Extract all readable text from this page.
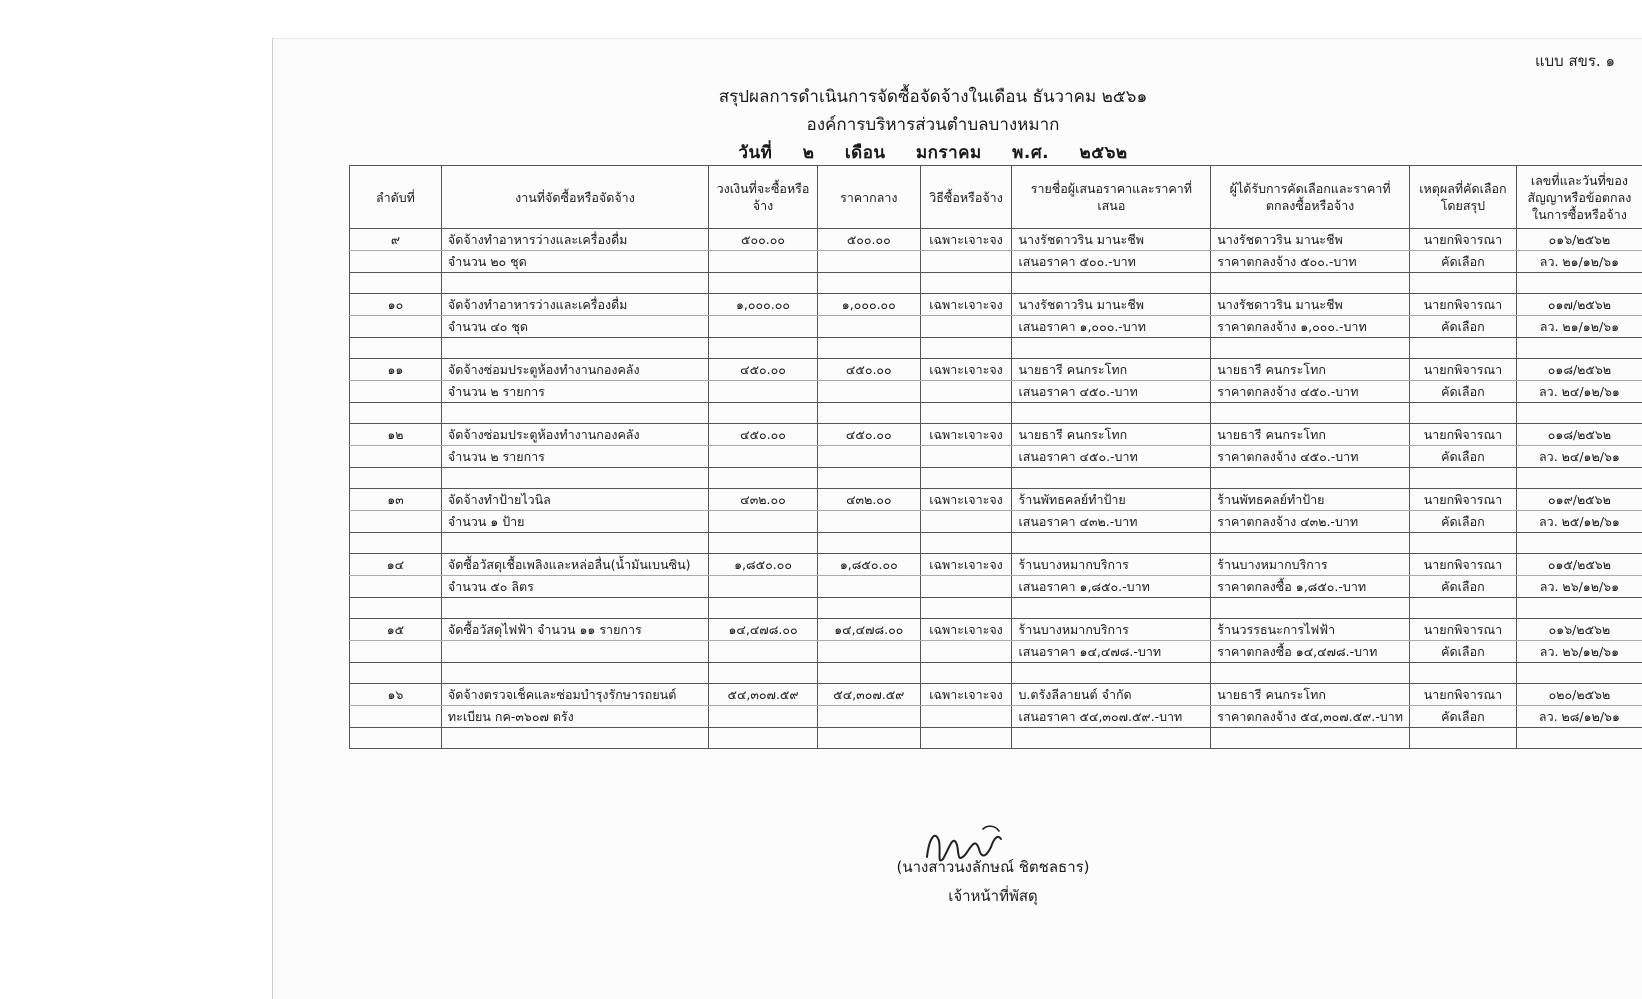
แบบ สขร. ๑
สรุปผลการดำเนินการจัดซื้อจัดจ้างในเดือน ธันวาคม ๒๕๖๑
องค์การบริหารส่วนตำบลบางหมาก
วันที่ ๒ เดือน มกราคม พ.ศ. ๒๕๖๒
ลำดับที่	งานที่จัดซื้อหรือจัดจ้าง	วงเงินที่จะซื้อหรือจ้าง	ราคากลาง	วิธีซื้อหรือจ้าง	รายชื่อผู้เสนอราคาและราคาที่เสนอ	ผู้ได้รับการคัดเลือกและราคาที่ตกลงซื้อหรือจ้าง	เหตุผลที่คัดเลือกโดยสรุป	เลขที่และวันที่ของสัญญาหรือข้อตกลงในการซื้อหรือจ้าง
๙	จัดจ้างทำอาหารว่างและเครื่องดื่ม	๕๐๐.๐๐	๕๐๐.๐๐	เฉพาะเจาะจง	นางรัชดาวริน มานะชีพ	นางรัชดาวริน มานะชีพ	นายกพิจารณา	๐๑๖/๒๕๖๒
	จำนวน ๒๐ ชุด				เสนอราคา ๕๐๐.-บาท	ราคาตกลงจ้าง ๕๐๐.-บาท	คัดเลือก	ลว. ๒๑/๑๒/๖๑

๑๐	จัดจ้างทำอาหารว่างและเครื่องดื่ม	๑,๐๐๐.๐๐	๑,๐๐๐.๐๐	เฉพาะเจาะจง	นางรัชดาวริน มานะชีพ	นางรัชดาวริน มานะชีพ	นายกพิจารณา	๐๑๗/๒๕๖๒
	จำนวน ๔๐ ชุด				เสนอราคา ๑,๐๐๐.-บาท	ราคาตกลงจ้าง ๑,๐๐๐.-บาท	คัดเลือก	ลว. ๒๑/๑๒/๖๑

๑๑	จัดจ้างซ่อมประตูห้องทำงานกองคลัง	๔๕๐.๐๐	๔๕๐.๐๐	เฉพาะเจาะจง	นายธารี คนกระโทก	นายธารี คนกระโทก	นายกพิจารณา	๐๑๘/๒๕๖๒
	จำนวน ๒ รายการ				เสนอราคา ๔๕๐.-บาท	ราคาตกลงจ้าง ๔๕๐.-บาท	คัดเลือก	ลว. ๒๔/๑๒/๖๑

๑๒	จัดจ้างซ่อมประตูห้องทำงานกองคลัง	๔๕๐.๐๐	๔๕๐.๐๐	เฉพาะเจาะจง	นายธารี คนกระโทก	นายธารี คนกระโทก	นายกพิจารณา	๐๑๘/๒๕๖๒
	จำนวน ๒ รายการ				เสนอราคา ๔๕๐.-บาท	ราคาตกลงจ้าง ๔๕๐.-บาท	คัดเลือก	ลว. ๒๔/๑๒/๖๑

๑๓	จัดจ้างทำป้ายไวนิล	๔๓๒.๐๐	๔๓๒.๐๐	เฉพาะเจาะจง	ร้านพัทธคลย์ทำป้าย	ร้านพัทธคลย์ทำป้าย	นายกพิจารณา	๐๑๙/๒๕๖๒
	จำนวน ๑ ป้าย				เสนอราคา ๔๓๒.-บาท	ราคาตกลงจ้าง ๔๓๒.-บาท	คัดเลือก	ลว. ๒๕/๑๒/๖๑

๑๔	จัดซื้อวัสดุเชื้อเพลิงและหล่อลื่น(น้ำมันเบนซิน)	๑,๘๕๐.๐๐	๑,๘๕๐.๐๐	เฉพาะเจาะจง	ร้านบางหมากบริการ	ร้านบางหมากบริการ	นายกพิจารณา	๐๑๕/๒๕๖๒
	จำนวน ๕๐ ลิตร				เสนอราคา ๑,๘๕๐.-บาท	ราคาตกลงซื้อ ๑,๘๕๐.-บาท	คัดเลือก	ลว. ๒๖/๑๒/๖๑

๑๕	จัดซื้อวัสดุไฟฟ้า จำนวน ๑๑ รายการ	๑๔,๔๗๘.๐๐	๑๔,๔๗๘.๐๐	เฉพาะเจาะจง	ร้านบางหมากบริการ	ร้านวรรธนะการไฟฟ้า	นายกพิจารณา	๐๑๖/๒๕๖๒
					เสนอราคา ๑๔,๔๗๘.-บาท	ราคาตกลงซื้อ ๑๔,๔๗๘.-บาท	คัดเลือก	ลว. ๒๖/๑๒/๖๑

๑๖	จัดจ้างตรวจเช็คและซ่อมบำรุงรักษารถยนต์	๕๔,๓๐๗.๕๙	๕๔,๓๐๗.๕๙	เฉพาะเจาะจง	บ.ตรังลีลายนต์ จำกัด	นายธารี คนกระโทก	นายกพิจารณา	๐๒๐/๒๕๖๒
	ทะเบียน กค-๓๖๐๗ ตรัง				เสนอราคา ๕๔,๓๐๗.๕๙.-บาท	ราคาตกลงจ้าง ๕๔,๓๐๗.๕๙.-บาท	คัดเลือก	ลว. ๒๘/๑๒/๖๑

(นางสาวนงลักษณ์ ชิตชลธาร)
เจ้าหน้าที่พัสดุ
